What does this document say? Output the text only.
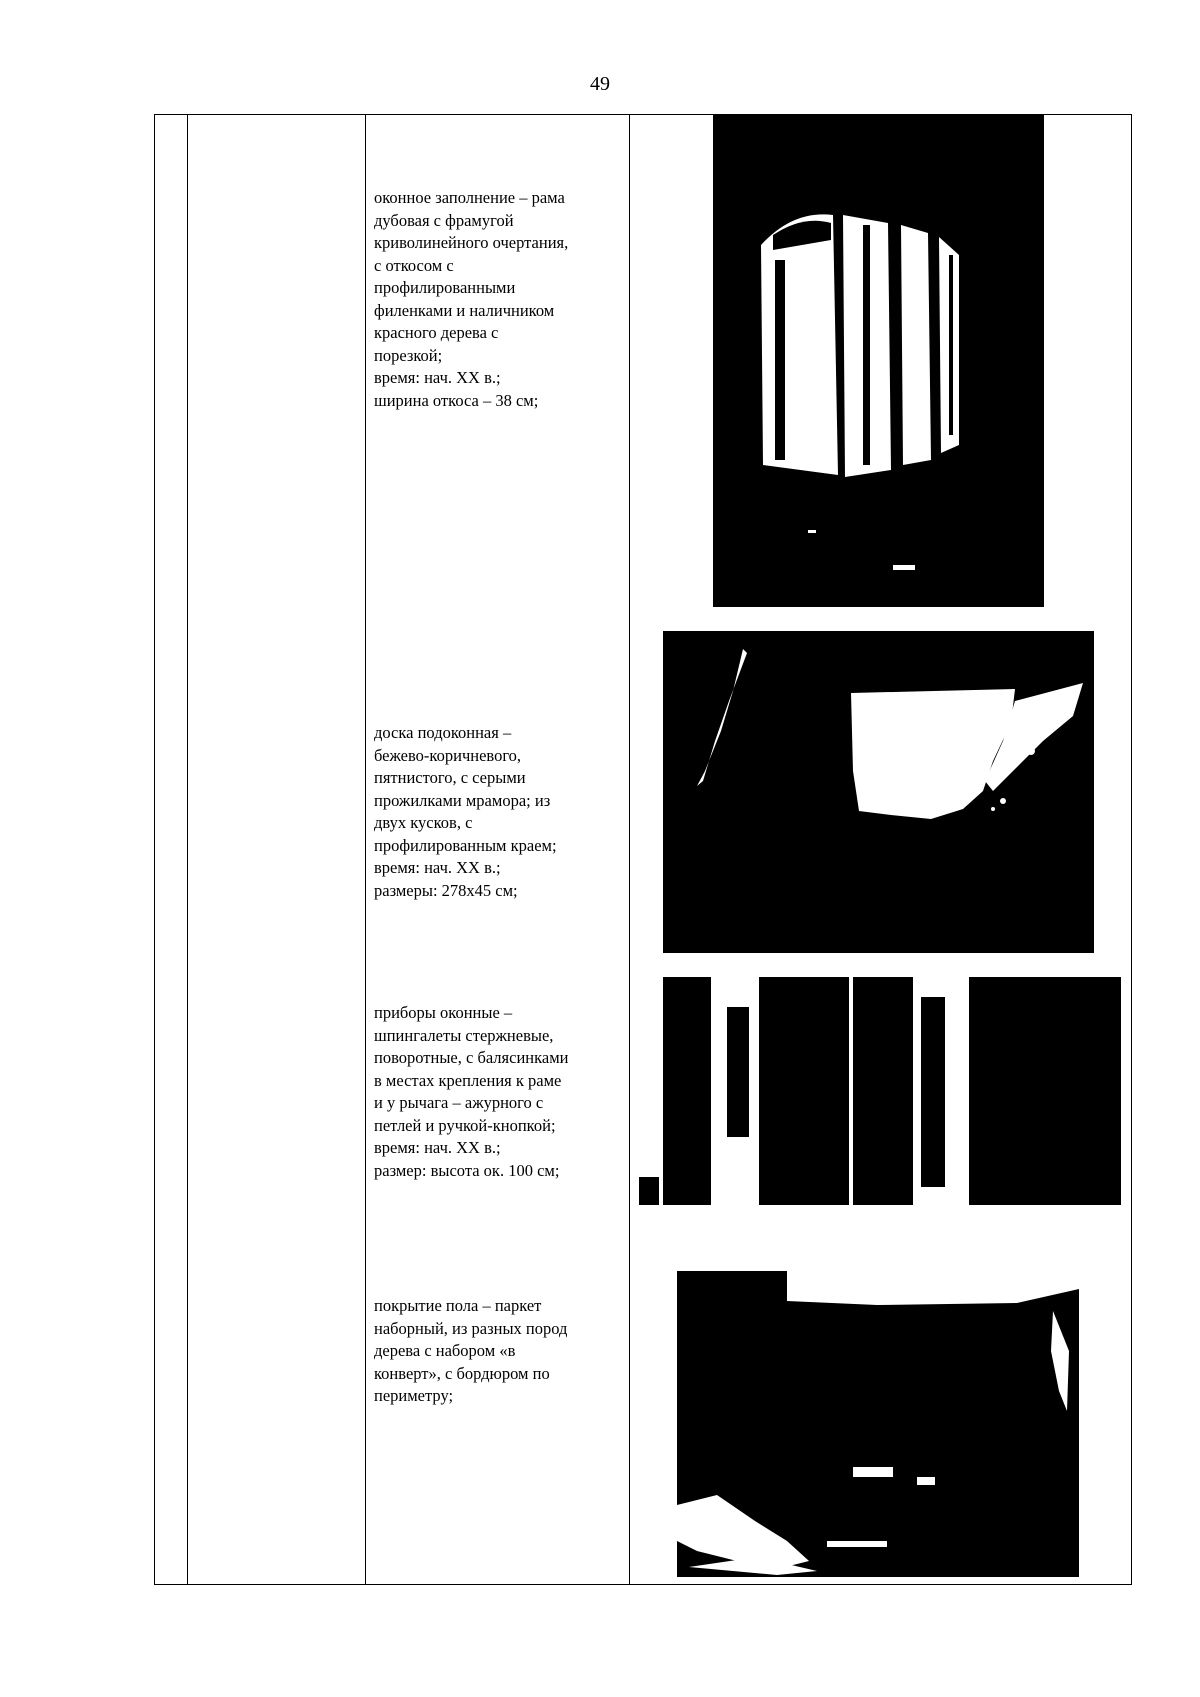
49

оконное заполнение – рама

дубовая с фрамугой

криволинейного очертания,

с откосом с

профилированными

филенками и наличником

красного дерева с

порезкой;

время: нач. XX в.;

ширина откоса – 38 см;

доска подоконная –

бежево-коричневого,

пятнистого, с серыми

прожилками мрамора; из

двух кусков, с

профилированным краем;

время: нач. XX в.;

размеры: 278х45 см;

приборы оконные –

шпингалеты стержневые,

поворотные, с балясинками

в местах крепления к раме

и у рычага – ажурного с

петлей и ручкой-кнопкой;

время: нач. XX в.;

размер: высота ок. 100 см;

покрытие пола – паркет

наборный, из разных пород

дерева с набором «в

конверт», с бордюром по

периметру;
